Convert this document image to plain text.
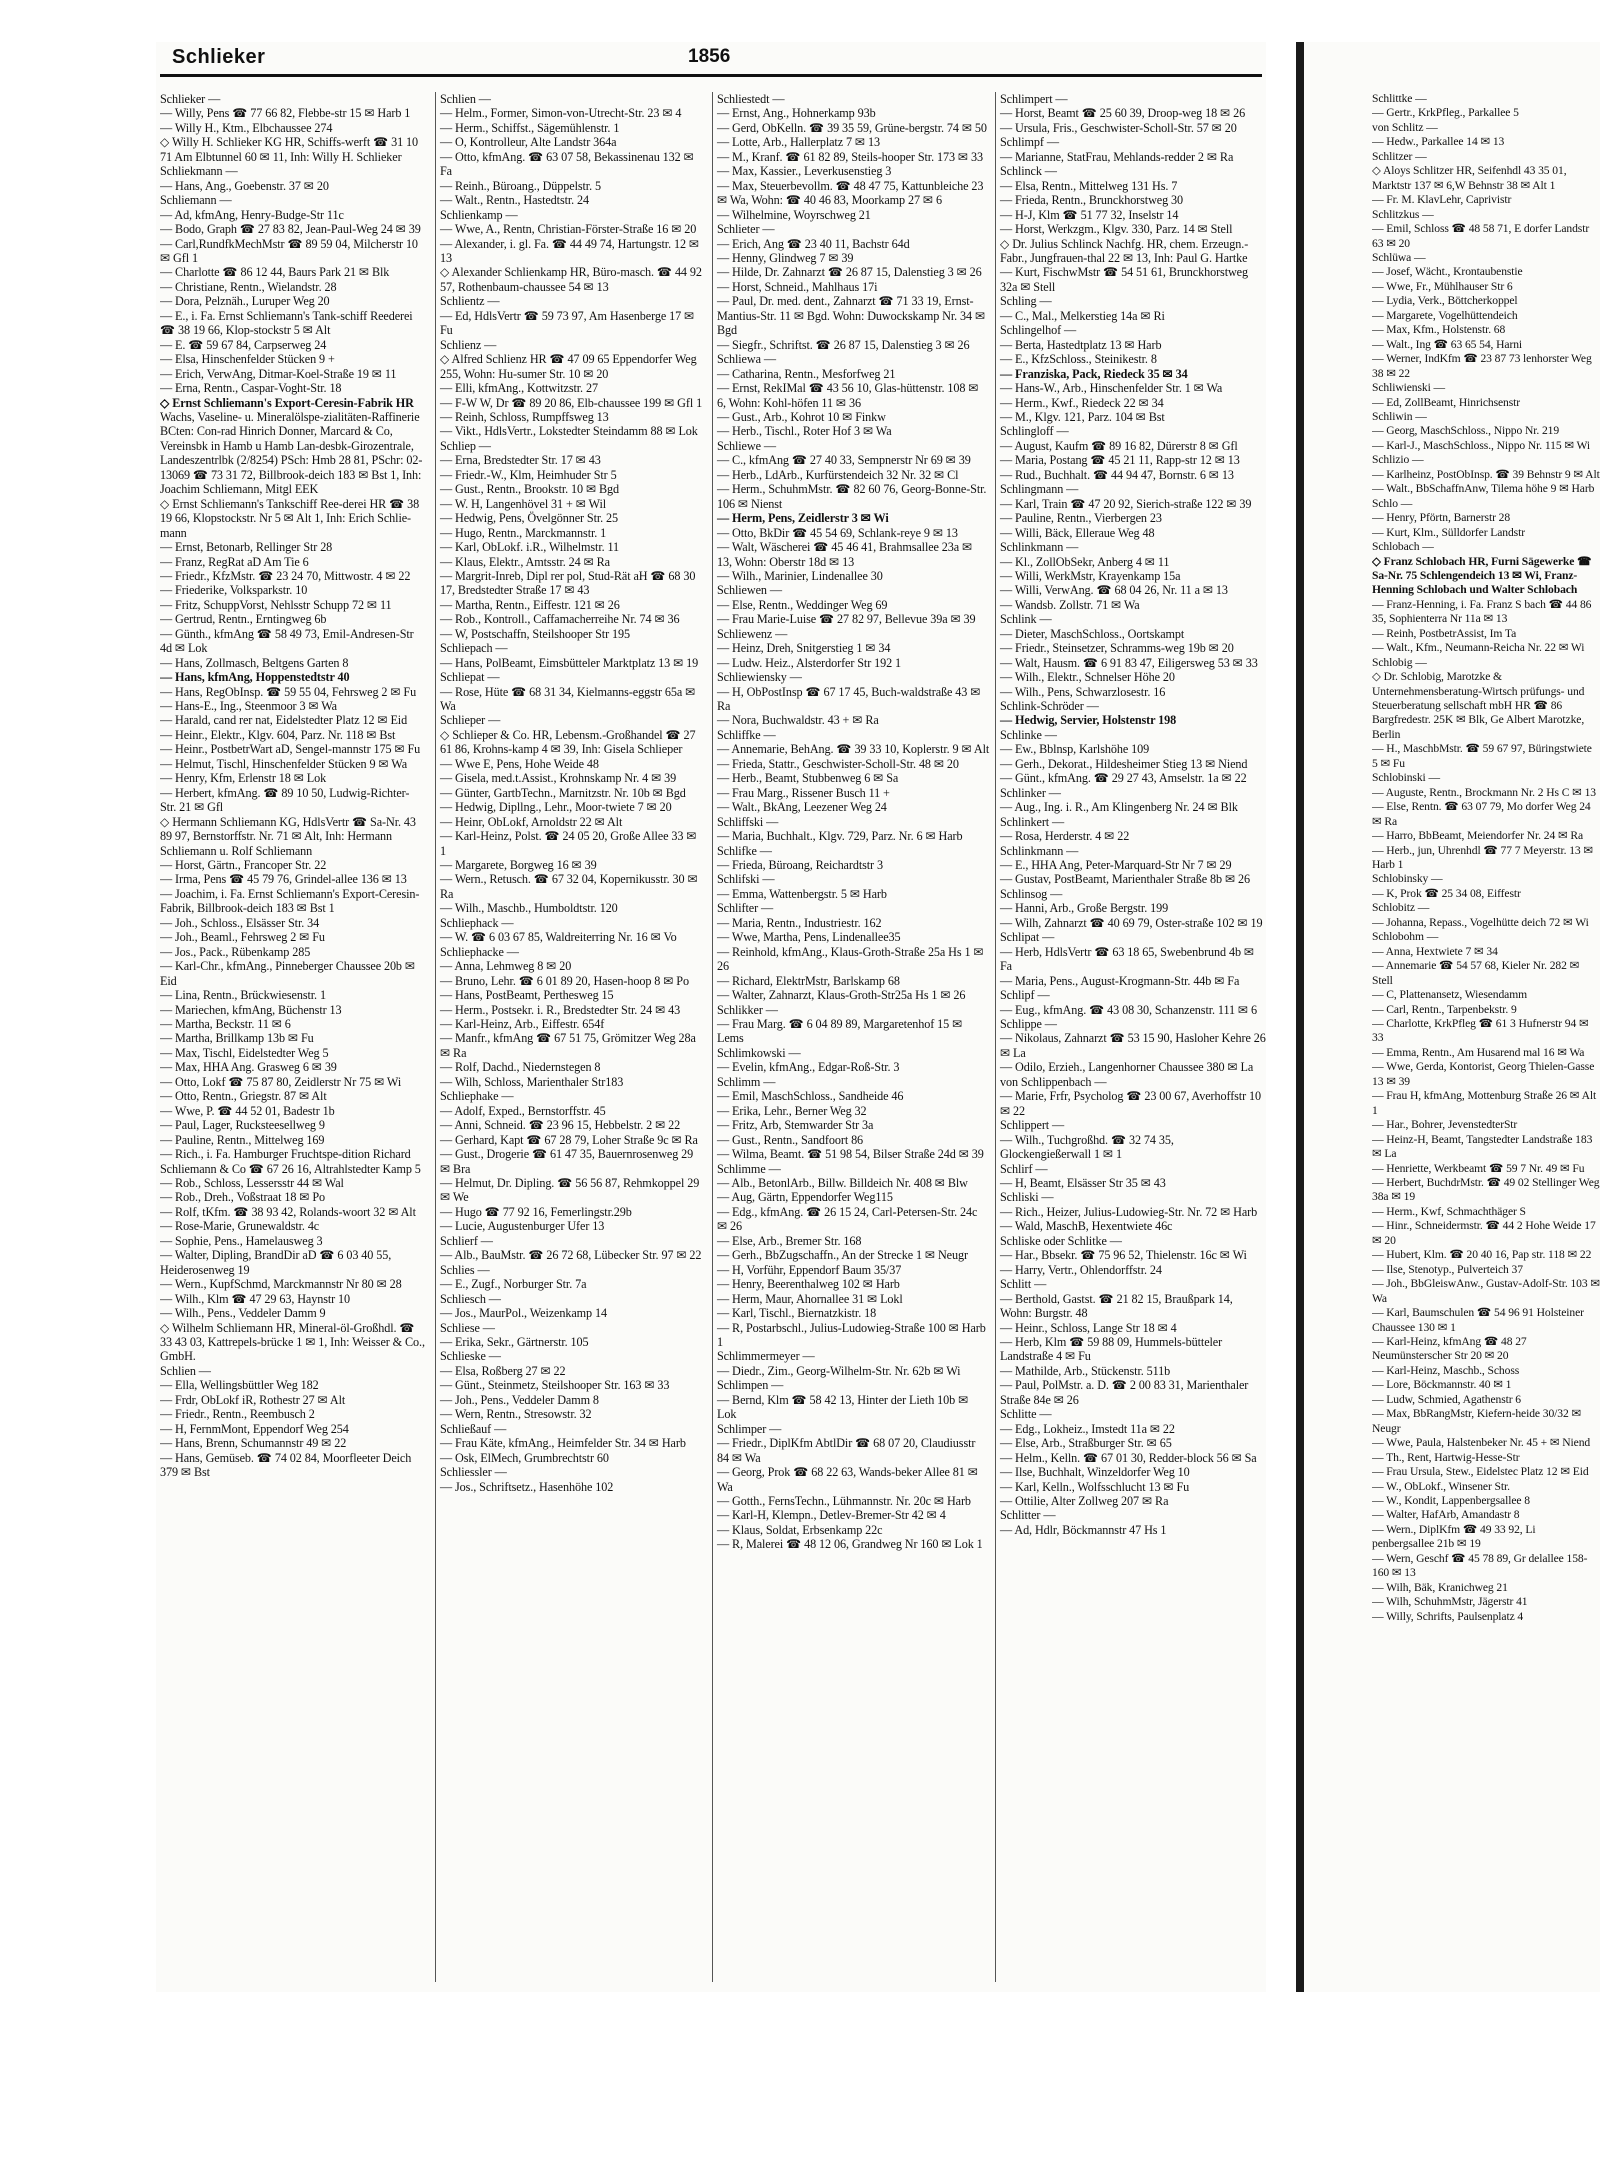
Schlieker	1856

Schlieker —

— Willy, Pens ☎ 77 66 82, Flebbe-str 15 ✉ Harb 1

— Willy H., Ktm., Elbchaussee 274

◇ Willy H. Schlieker KG HR, Schiffs-werft ☎ 31 10 71 Am Elbtunnel 60 ✉ 11, Inh: Willy H. Schlieker

Schliekmann —

— Hans, Ang., Goebenstr. 37 ✉ 20

Schliemann —

— Ad, kfmAng, Henry-Budge-Str 11c

— Bodo, Graph ☎ 27 83 82, Jean-Paul-Weg 24 ✉ 39

— Carl,RundfkMechMstr ☎ 89 59 04, Milcherstr 10 ✉ Gfl 1

— Charlotte ☎ 86 12 44, Baurs Park 21 ✉ Blk

— Christiane, Rentn., Wielandstr. 28

— Dora, Pelznäh., Luruper Weg 20

— E., i. Fa. Ernst Schliemann's Tank-schiff Reederei ☎ 38 19 66, Klop-stockstr 5 ✉ Alt

— E. ☎ 59 67 84, Carpserweg 24

— Elsa, Hinschenfelder Stücken 9 +

— Erich, VerwAng, Ditmar-Koel-Straße 19 ✉ 11

— Erna, Rentn., Caspar-Voght-Str. 18

◇ Ernst Schliemann's Export-Ceresin-Fabrik HR

Wachs, Vaseline- u. Mineralölspe-zialitäten-Raffinerie BCten: Con-rad Hinrich Donner, Marcard & Co, Vereinsbk in Hamb u Hamb Lan-desbk-Girozentrale, Landeszentrlbk (2/8254) PSch: Hmb 28 81, PSchr: 02-13069 ☎ 73 31 72, Billbrook-deich 183 ✉ Bst 1, Inh: Joachim Schliemann, Mitgl EEK

◇ Ernst Schliemann's Tankschiff Ree-derei HR ☎ 38 19 66, Klopstockstr. Nr 5 ✉ Alt 1, Inh: Erich Schlie-mann

— Ernst, Betonarb, Rellinger Str 28

— Franz, RegRat aD Am Tie 6

— Friedr., KfzMstr. ☎ 23 24 70, Mittwostr. 4 ✉ 22

— Friederike, Volksparkstr. 10

— Fritz, SchuppVorst, Nehlsstr Schupp 72 ✉ 11

— Gertrud, Rentn., Erntingweg 6b

— Günth., kfmAng ☎ 58 49 73, Emil-Andresen-Str 4d ✉ Lok

— Hans, Zollmasch, Beltgens Garten 8

— Hans, kfmAng, Hoppenstedtstr 40

— Hans, RegObInsp. ☎ 59 55 04, Fehrsweg 2 ✉ Fu

— Hans-E., Ing., Steenmoor 3 ✉ Wa

— Harald, cand rer nat, Eidelstedter Platz 12 ✉ Eid

— Heinr., Elektr., Klgv. 604, Parz. Nr. 118 ✉ Bst

— Heinr., PostbetrWart aD, Sengel-mannstr 175 ✉ Fu

— Helmut, Tischl, Hinschenfelder Stücken 9 ✉ Wa

— Henry, Kfm, Erlenstr 18 ✉ Lok

— Herbert, kfmAng. ☎ 89 10 50, Ludwig-Richter-Str. 21 ✉ Gfl

◇ Hermann Schliemann KG, HdlsVertr ☎ Sa-Nr. 43 89 97, Bernstorffstr. Nr. 71 ✉ Alt, Inh: Hermann Schliemann u. Rolf Schliemann

— Horst, Gärtn., Francoper Str. 22

— Irma, Pens ☎ 45 79 76, Grindel-allee 136 ✉ 13

— Joachim, i. Fa. Ernst Schliemann's Export-Ceresin-Fabrik, Billbrook-deich 183 ✉ Bst 1

— Joh., Schloss., Elsässer Str. 34

— Joh., Beaml., Fehrsweg 2 ✉ Fu

— Jos., Pack., Rübenkamp 285

— Karl-Chr., kfmAng., Pinneberger Chaussee 20b ✉ Eid

— Lina, Rentn., Brückwiesenstr. 1

— Mariechen, kfmAng, Büchenstr 13

— Martha, Beckstr. 11 ✉ 6

— Martha, Brillkamp 13b ✉ Fu

— Max, Tischl, Eidelstedter Weg 5

— Max, HHA Ang. Grasweg 6 ✉ 39

— Otto, Lokf ☎ 75 87 80, Zeidlerstr Nr 75 ✉ Wi

— Otto, Rentn., Griegstr. 87 ✉ Alt

— Wwe, P. ☎ 44 52 01, Badestr 1b

— Paul, Lager, Rucksteesellweg 9

— Pauline, Rentn., Mittelweg 169

— Rich., i. Fa. Hamburger Fruchtspe-dition Richard Schliemann & Co ☎ 67 26 16, Altrahlstedter Kamp 5

— Rob., Schloss, Lessersstr 44 ✉ Wal

— Rob., Dreh., Voßstraat 18 ✉ Po

— Rolf, tKfm. ☎ 38 93 42, Rolands-woort 32 ✉ Alt

— Rose-Marie, Grunewaldstr. 4c

— Sophie, Pens., Hamelausweg 3

— Walter, Dipling, BrandDir aD ☎ 6 03 40 55, Heiderosenweg 19

— Wern., KupfSchmd, Marckmannstr Nr 80 ✉ 28

— Wilh., Klm ☎ 47 29 63, Haynstr 10

— Wilh., Pens., Veddeler Damm 9

◇ Wilhelm Schliemann HR, Mineral-öl-Großhdl. ☎ 33 43 03, Kattrepels-brücke 1 ✉ 1, Inh: Weisser & Co., GmbH.

Schlien —

— Ella, Wellingsbüttler Weg 182

— Frdr, ObLokf iR, Rothestr 27 ✉ Alt

— Friedr., Rentn., Reembusch 2

— H, FernmMont, Eppendorf Weg 254

— Hans, Brenn, Schumannstr 49 ✉ 22

— Hans, Gemüseb. ☎ 74 02 84, Moorfleeter Deich 379 ✉ Bst

Schlien —

— Helm., Former, Simon-von-Utrecht-Str. 23 ✉ 4

— Herm., Schiffst., Sägemühlenstr. 1

— O, Kontrolleur, Alte Landstr 364a

— Otto, kfmAng. ☎ 63 07 58, Bekassinenau 132 ✉ Fa

— Reinh., Büroang., Düppelstr. 5

— Walt., Rentn., Hastedtstr. 24

Schlienkamp —

— Wwe, A., Rentn, Christian-Förster-Straße 16 ✉ 20

— Alexander, i. gl. Fa. ☎ 44 49 74, Hartungstr. 12 ✉ 13

◇ Alexander Schlienkamp HR, Büro-masch. ☎ 44 92 57, Rothenbaum-chaussee 54 ✉ 13

Schlientz —

— Ed, HdlsVertr ☎ 59 73 97, Am Hasenberge 17 ✉ Fu

Schlienz —

◇ Alfred Schlienz HR ☎ 47 09 65 Eppendorfer Weg 255, Wohn: Hu-sumer Str. 10 ✉ 20

— Elli, kfmAng., Kottwitzstr. 27

— F-W W, Dr ☎ 89 20 86, Elb-chaussee 199 ✉ Gfl 1

— Reinh, Schloss, Rumpffsweg 13

— Vikt., HdlsVertr., Lokstedter Steindamm 88 ✉ Lok

Schliep —

— Erna, Bredstedter Str. 17 ✉ 43

— Friedr.-W., Klm, Heimhuder Str 5

— Gust., Rentn., Brookstr. 10 ✉ Bgd

— W. H, Langenhövel 31 + ✉ Wil

— Hedwig, Pens, Övelgönner Str. 25

— Hugo, Rentn., Marckmannstr. 1

— Karl, ObLokf. i.R., Wilhelmstr. 11

— Klaus, Elektr., Amtsstr. 24 ✉ Ra

— Margrit-Inreb, Dipl rer pol, Stud-Rät aH ☎ 68 30 17, Bredstedter Straße 17 ✉ 43

— Martha, Rentn., Eiffestr. 121 ✉ 26

— Rob., Kontroll., Caffamacherreihe Nr. 74 ✉ 36

— W, Postschaffn, Steilshooper Str 195

Schliepach —

— Hans, PolBeamt, Eimsbütteler Marktplatz 13 ✉ 19

Schliepat —

— Rose, Hüte ☎ 68 31 34, Kielmanns-eggstr 65a ✉ Wa

Schlieper —

◇ Schlieper & Co. HR, Lebensm.-Großhandel ☎ 27 61 86, Krohns-kamp 4 ✉ 39, Inh: Gisela Schlieper

— Wwe E, Pens, Hohe Weide 48

— Gisela, med.t.Assist., Krohnskamp Nr. 4 ✉ 39

— Günter, GartbTechn., Marnitzstr. Nr. 10b ✉ Bgd

— Hedwig, Dipllng., Lehr., Moor-twiete 7 ✉ 20

— Heinr, ObLokf, Arnoldstr 22 ✉ Alt

— Karl-Heinz, Polst. ☎ 24 05 20, Große Allee 33 ✉ 1

— Margarete, Borgweg 16 ✉ 39

— Wern., Retusch. ☎ 67 32 04, Kopernikusstr. 30 ✉ Ra

— Wilh., Maschb., Humboldtstr. 120

Schliephack —

— W. ☎ 6 03 67 85, Waldreiterring Nr. 16 ✉ Vo

Schliephacke —

— Anna, Lehmweg 8 ✉ 20

— Bruno, Lehr. ☎ 6 01 89 20, Hasen-hoop 8 ✉ Po

— Hans, PostBeamt, Perthesweg 15

— Herm., Postsekr. i. R., Bredstedter Str. 24 ✉ 43

— Karl-Heinz, Arb., Eiffestr. 654f

— Manfr., kfmAng ☎ 67 51 75, Grömitzer Weg 28a ✉ Ra

— Rolf, Dachd., Niedernstegen 8

— Wilh, Schloss, Marienthaler Str183

Schliephake —

— Adolf, Exped., Bernstorffstr. 45

— Anni, Schneid. ☎ 23 96 15, Hebbelstr. 2 ✉ 22

— Gerhard, Kapt ☎ 67 28 79, Loher Straße 9c ✉ Ra

— Gust., Drogerie ☎ 61 47 35, Bauernrosenweg 29 ✉ Bra

— Helmut, Dr. Dipling. ☎ 56 56 87, Rehmkoppel 29 ✉ We

— Hugo ☎ 77 92 16, Femerlingstr.29b

— Lucie, Augustenburger Ufer 13

Schlierf —

— Alb., BauMstr. ☎ 26 72 68, Lübecker Str. 97 ✉ 22

Schlies —

— E., Zugf., Norburger Str. 7a

Schliesch —

— Jos., MaurPol., Weizenkamp 14

Schliese —

— Erika, Sekr., Gärtnerstr. 105

Schlieske —

— Elsa, Roßberg 27 ✉ 22

— Günt., Steinmetz, Steilshooper Str. 163 ✉ 33

— Joh., Pens., Veddeler Damm 8

— Wern, Rentn., Stresowstr. 32

Schließauf —

— Frau Käte, kfmAng., Heimfelder Str. 34 ✉ Harb

— Osk, ElMech, Grumbrechtstr 60

Schliessler —

— Jos., Schriftsetz., Hasenhöhe 102

Schliestedt —

— Ernst, Ang., Hohnerkamp 93b

— Gerd, ObKelln. ☎ 39 35 59, Grüne-bergstr. 74 ✉ 50

— Lotte, Arb., Hallerplatz 7 ✉ 13

— M., Kranf. ☎ 61 82 89, Steils-hooper Str. 173 ✉ 33

— Max, Kassier., Leverkusenstieg 3

— Max, Steuerbevollm. ☎ 48 47 75, Kattunbleiche 23 ✉ Wa, Wohn: ☎ 40 46 83, Moorkamp 27 ✉ 6

— Wilhelmine, Woyrschweg 21

Schlieter —

— Erich, Ang ☎ 23 40 11, Bachstr 64d

— Henny, Glindweg 7 ✉ 39

— Hilde, Dr. Zahnarzt ☎ 26 87 15, Dalenstieg 3 ✉ 26

— Horst, Schneid., Mahlhaus 17i

— Paul, Dr. med. dent., Zahnarzt ☎ 71 33 19, Ernst-Mantius-Str. 11 ✉ Bgd. Wohn: Duwockskamp Nr. 34 ✉ Bgd

— Siegfr., Schriftst. ☎ 26 87 15, Dalenstieg 3 ✉ 26

Schliewa —

— Catharina, Rentn., Mesforfweg 21

— Ernst, RekIMal ☎ 43 56 10, Glas-hüttenstr. 108 ✉ 6, Wohn: Kohl-höfen 11 ✉ 36

— Gust., Arb., Kohrot 10 ✉ Finkw

— Herb., Tischl., Roter Hof 3 ✉ Wa

Schliewe —

— C., kfmAng ☎ 27 40 33, Sempnerstr Nr 69 ✉ 39

— Herb., LdArb., Kurfürstendeich 32 Nr. 32 ✉ Cl

— Herm., SchuhmMstr. ☎ 82 60 76, Georg-Bonne-Str. 106 ✉ Nienst

— Herm, Pens, Zeidlerstr 3 ✉ Wi

— Otto, BkDir ☎ 45 54 69, Schlank-reye 9 ✉ 13

— Walt, Wäscherei ☎ 45 46 41, Brahmsallee 23a ✉ 13, Wohn: Oberstr 18d ✉ 13

— Wilh., Marinier, Lindenallee 30

Schliewen —

— Else, Rentn., Weddinger Weg 69

— Frau Marie-Luise ☎ 27 82 97, Bellevue 39a ✉ 39

Schliewenz —

— Heinz, Dreh, Snitgerstieg 1 ✉ 34

— Ludw. Heiz., Alsterdorfer Str 192 1

Schliewiensky —

— H, ObPostInsp ☎ 67 17 45, Buch-waldstraße 43 ✉ Ra

— Nora, Buchwaldstr. 43 + ✉ Ra

Schliffke —

— Annemarie, BehAng. ☎ 39 33 10, Koplerstr. 9 ✉ Alt

— Frieda, Stattr., Geschwister-Scholl-Str. 48 ✉ 20

— Herb., Beamt, Stubbenweg 6 ✉ Sa

— Frau Marg., Rissener Busch 11 +

— Walt., BkAng, Leezener Weg 24

Schliffski —

— Maria, Buchhalt., Klgv. 729, Parz. Nr. 6 ✉ Harb

Schlifke —

— Frieda, Büroang, Reichardtstr 3

Schlifski —

— Emma, Wattenbergstr. 5 ✉ Harb

Schlifter —

— Maria, Rentn., Industriestr. 162

— Wwe, Martha, Pens, Lindenallee35

— Reinhold, kfmAng., Klaus-Groth-Straße 25a Hs 1 ✉ 26

— Richard, ElektrMstr, Barlskamp 68

— Walter, Zahnarzt, Klaus-Groth-Str25a Hs 1 ✉ 26

Schlikker —

— Frau Marg. ☎ 6 04 89 89, Margaretenhof 15 ✉ Lems

Schlimkowski —

— Evelin, kfmAng., Edgar-Roß-Str. 3

Schlimm —

— Emil, MaschSchloss., Sandheide 46

— Erika, Lehr., Berner Weg 32

— Fritz, Arb, Stemwarder Str 3a

— Gust., Rentn., Sandfoort 86

— Wilma, Beamt. ☎ 51 98 54, Bilser Straße 24d ✉ 39

Schlimme —

— Alb., BetonlArb., Billw. Billdeich Nr. 408 ✉ Blw

— Aug, Gärtn, Eppendorfer Weg115

— Edg., kfmAng. ☎ 26 15 24, Carl-Petersen-Str. 24c ✉ 26

— Else, Arb., Bremer Str. 168

— Gerh., BbZugschaffn., An der Strecke 1 ✉ Neugr

— H, Vorführ, Eppendorf Baum 35/37

— Henry, Beerenthalweg 102 ✉ Harb

— Herm, Maur, Ahornallee 31 ✉ Lokl

— Karl, Tischl., Biernatzkistr. 18

— R, Postarbschl., Julius-Ludowieg-Straße 100 ✉ Harb 1

Schlimmermeyer —

— Diedr., Zim., Georg-Wilhelm-Str. Nr. 62b ✉ Wi

Schlimpen —

— Bernd, Klm ☎ 58 42 13, Hinter der Lieth 10b ✉ Lok

Schlimper —

— Friedr., DiplKfm AbtlDir ☎ 68 07 20, Claudiusstr 84 ✉ Wa

— Georg, Prok ☎ 68 22 63, Wands-beker Allee 81 ✉ Wa

— Gotth., FernsTechn., Lühmannstr. Nr. 20c ✉ Harb

— Karl-H, Klempn., Detlev-Bremer-Str 42 ✉ 4

— Klaus, Soldat, Erbsenkamp 22c

— R, Malerei ☎ 48 12 06, Grandweg Nr 160 ✉ Lok 1

Schlimpert —

— Horst, Beamt ☎ 25 60 39, Droop-weg 18 ✉ 26

— Ursula, Fris., Geschwister-Scholl-Str. 57 ✉ 20

Schlimpf —

— Marianne, StatFrau, Mehlands-redder 2 ✉ Ra

Schlinck —

— Elsa, Rentn., Mittelweg 131 Hs. 7

— Frieda, Rentn., Brunckhorstweg 30

— H-J, Klm ☎ 51 77 32, Inselstr 14

— Horst, Werkzgm., Klgv. 330, Parz. 14 ✉ Stell

◇ Dr. Julius Schlinck Nachfg. HR, chem. Erzeugn.-Fabr., Jungfrauen-thal 22 ✉ 13, Inh: Paul G. Hartke

— Kurt, FischwMstr ☎ 54 51 61, Brunckhorstweg 32a ✉ Stell

Schling —

— C., Mal., Melkerstieg 14a ✉ Ri

Schlingelhof —

— Berta, Hastedtplatz 13 ✉ Harb

— E., KfzSchloss., Steinikestr. 8

— Franziska, Pack, Riedeck 35 ✉ 34

— Hans-W., Arb., Hinschenfelder Str. 1 ✉ Wa

— Herm., Kwf., Riedeck 22 ✉ 34

— M., Klgv. 121, Parz. 104 ✉ Bst

Schlingloff —

— August, Kaufm ☎ 89 16 82, Dürerstr 8 ✉ Gfl

— Maria, Postang ☎ 45 21 11, Rapp-str 12 ✉ 13

— Rud., Buchhalt. ☎ 44 94 47, Bornstr. 6 ✉ 13

Schlingmann —

— Karl, Train ☎ 47 20 92, Sierich-straße 122 ✉ 39

— Pauline, Rentn., Vierbergen 23

— Willi, Bäck, Elleraue Weg 48

Schlinkmann —

— Kl., ZollObSekr, Anberg 4 ✉ 11

— Willi, WerkMstr, Krayenkamp 15a

— Willi, VerwAng. ☎ 68 04 26, Nr. 11 a ✉ 13

— Wandsb. Zollstr. 71 ✉ Wa

Schlink —

— Dieter, MaschSchloss., Oortskampt

— Friedr., Steinsetzer, Schramms-weg 19b ✉ 20

— Walt, Hausm. ☎ 6 91 83 47, Eiligersweg 53 ✉ 33

— Wilh., Elektr., Schnelser Höhe 20

— Wilh., Pens, Schwarzlosestr. 16

Schlink-Schröder —

— Hedwig, Servier, Holstenstr 198

Schlinke —

— Ew., Bblnsp, Karlshöhe 109

— Gerh., Dekorat., Hildesheimer Stieg 13 ✉ Niend

— Günt., kfmAng. ☎ 29 27 43, Amselstr. 1a ✉ 22

Schlinker —

— Aug., Ing. i. R., Am Klingenberg Nr. 24 ✉ Blk

Schlinkert —

— Rosa, Herderstr. 4 ✉ 22

Schlinkmann —

— E., HHA Ang, Peter-Marquard-Str Nr 7 ✉ 29

— Gustav, PostBeamt, Marienthaler Straße 8b ✉ 26

Schlinsog —

— Hanni, Arb., Große Bergstr. 199

— Wilh, Zahnarzt ☎ 40 69 79, Oster-straße 102 ✉ 19

Schlipat —

— Herb, HdlsVertr ☎ 63 18 65, Swebenbrund 4b ✉ Fa

— Maria, Pens., August-Krogmann-Str. 44b ✉ Fa

Schlipf —

— Eug., kfmAng. ☎ 43 08 30, Schanzenstr. 111 ✉ 6

Schlippe —

— Nikolaus, Zahnarzt ☎ 53 15 90, Hasloher Kehre 26 ✉ La

— Odilo, Erzieh., Langenhorner Chaussee 380 ✉ La

von Schlippenbach —

— Marie, Frfr, Psycholog ☎ 23 00 67, Averhoffstr 10 ✉ 22

Schlippert —

— Wilh., Tuchgroßhd. ☎ 32 74 35, Glockengießerwall 1 ✉ 1

Schlirf —

— H, Beamt, Elsässer Str 35 ✉ 43

Schliski —

— Rich., Heizer, Julius-Ludowieg-Str. Nr. 72 ✉ Harb

— Wald, MaschB, Hexentwiete 46c

Schliske oder Schlitke —

— Har., Bbsekr. ☎ 75 96 52, Thielenstr. 16c ✉ Wi

— Harry, Vertr., Ohlendorffstr. 24

Schlitt —

— Berthold, Gastst. ☎ 21 82 15, Braußpark 14, Wohn: Burgstr. 48

— Heinr., Schloss, Lange Str 18 ✉ 4

— Herb, Klm ☎ 59 88 09, Hummels-bütteler Landstraße 4 ✉ Fu

— Mathilde, Arb., Stückenstr. 511b

— Paul, PolMstr. a. D. ☎ 2 00 83 31, Marienthaler Straße 84e ✉ 26

Schlitte —

— Edg., Lokheiz., Imstedt 11a ✉ 22

— Else, Arb., Straßburger Str. ✉ 65

— Helm., Kelln. ☎ 67 01 30, Redder-block 56 ✉ Sa

— Ilse, Buchhalt, Winzeldorfer Weg 10

— Karl, Kelln., Wolfsschlucht 13 ✉ Fu

— Ottilie, Alter Zollweg 207 ✉ Ra

Schlitter —

— Ad, Hdlr, Böckmannstr 47 Hs 1

Schlittke —

— Gertr., KrkPfleg., Parkallee 5

von Schlitz —

— Hedw., Parkallee 14 ✉ 13

Schlitzer —

◇ Aloys Schlitzer HR, Seifenhdl 43 35 01, Marktstr 137 ✉ 6,W Behnstr 38 ✉ Alt 1

— Fr. M. KlavLehr, Caprivistr

Schlitzkus —

— Emil, Schloss ☎ 48 58 71, E dorfer Landstr 63 ✉ 20

Schlüwa —

— Josef, Wächt., Krontaubenstie

— Wwe, Fr., Mühlhauser Str 6

— Lydia, Verk., Böttcherkoppel

— Margarete, Vogelhüttendeich

— Max, Kfm., Holstenstr. 68

— Walt., Ing ☎ 63 65 54, Harni

— Werner, IndKfm ☎ 23 87 73 lenhorster Weg 38 ✉ 22

Schliwienski —

— Ed, ZollBeamt, Hinrichsenstr

Schliwin —

— Georg, MaschSchloss., Nippo Nr. 219

— Karl-J., MaschSchloss., Nippo Nr. 115 ✉ Wi

Schlizio —

— Karlheinz, PostObInsp. ☎ 39 Behnstr 9 ✉ Alt

— Walt., BbSchaffnAnw, Tilema höhe 9 ✉ Harb

Schlo —

— Henry, Pförtn, Barnerstr 28

— Kurt, Klm., Sülldorfer Landstr

Schlobach —

◇ Franz Schlobach HR, Furni Sägewerke ☎ Sa-Nr. 75 Schlengendeich 13 ✉ Wi, Franz-Henning Schlobach und Walter Schlobach

— Franz-Henning, i. Fa. Franz S bach ☎ 44 86 35, Sophienterra Nr 11a ✉ 13

— Reinh, PostbetrAssist, Im Ta

— Walt., Kfm., Neumann-Reicha Nr. 22 ✉ Wi

Schlobig —

◇ Dr. Schlobig, Marotzke & Unternehmensberatung-Wirtsch prüfungs- und Steuerberatung sellschaft mbH HR ☎ 86 Bargfredestr. 25K ✉ Blk, Ge Albert Marotzke, Berlin

— H., MaschbMstr. ☎ 59 67 97, Büringstwiete 5 ✉ Fu

Schlobinski —

— Auguste, Rentn., Brockmann Nr. 2 Hs C ✉ 13

— Else, Rentn. ☎ 63 07 79, Mo dorfer Weg 24 ✉ Ra

— Harro, BbBeamt, Meiendorfer Nr. 24 ✉ Ra

— Herb., jun, Uhrenhdl ☎ 77 7 Meyerstr. 13 ✉ Harb 1

Schlobinsky —

— K, Prok ☎ 25 34 08, Eiffestr

Schlobitz —

— Johanna, Repass., Vogelhütte deich 72 ✉ Wi

Schlobohm —

— Anna, Hextwiete 7 ✉ 34

— Annemarie ☎ 54 57 68, Kieler Nr. 282 ✉ Stell

— C, Plattenansetz, Wiesendamm

— Carl, Rentn., Tarpenbekstr. 9

— Charlotte, KrkPfleg ☎ 61 3 Hufnerstr 94 ✉ 33

— Emma, Rentn., Am Husarend mal 16 ✉ Wa

— Wwe, Gerda, Kontorist, Georg Thielen-Gasse 13 ✉ 39

— Frau H, kfmAng, Mottenburg Straße 26 ✉ Alt 1

— Har., Bohrer, JevenstedterStr

— Heinz-H, Beamt, Tangstedter Landstraße 183 ✉ La

— Henriette, Werkbeamt ☎ 59 7 Nr. 49 ✉ Fu

— Herbert, BuchdrMstr. ☎ 49 02 Stellinger Weg 38a ✉ 19

— Herm., Kwf, Schmachthäger S

— Hinr., Schneidermstr. ☎ 44 2 Hohe Weide 17 ✉ 20

— Hubert, Klm. ☎ 20 40 16, Pap str. 118 ✉ 22

— Ilse, Stenotyp., Pulverteich 37

— Joh., BbGleiswAnw., Gustav-Adolf-Str. 103 ✉ Wa

— Karl, Baumschulen ☎ 54 96 91 Holsteiner Chaussee 130 ✉ 1

— Karl-Heinz, kfmAng ☎ 48 27 Neumünsterscher Str 20 ✉ 20

— Karl-Heinz, Maschb., Schoss

— Lore, Böckmannstr. 40 ✉ 1

— Ludw, Schmied, Agathenstr 6

— Max, BbRangMstr, Kiefern-heide 30/32 ✉ Neugr

— Wwe, Paula, Halstenbeker Nr. 45 + ✉ Niend

— Th., Rent, Hartwig-Hesse-Str

— Frau Ursula, Stew., Eidelstec Platz 12 ✉ Eid

— W., ObLokf., Winsener Str.

— W., Kondit, Lappenbergsallee 8

— Walter, HafArb, Amandastr 8

— Wern., DiplKfm ☎ 49 33 92, Li penbergsallee 21b ✉ 19

— Wern, Geschf ☎ 45 78 89, Gr delallee 158-160 ✉ 13

— Wilh, Bäk, Kranichweg 21

— Wilh, SchuhmMstr, Jägerstr 41

— Willy, Schrifts, Paulsenplatz 4
